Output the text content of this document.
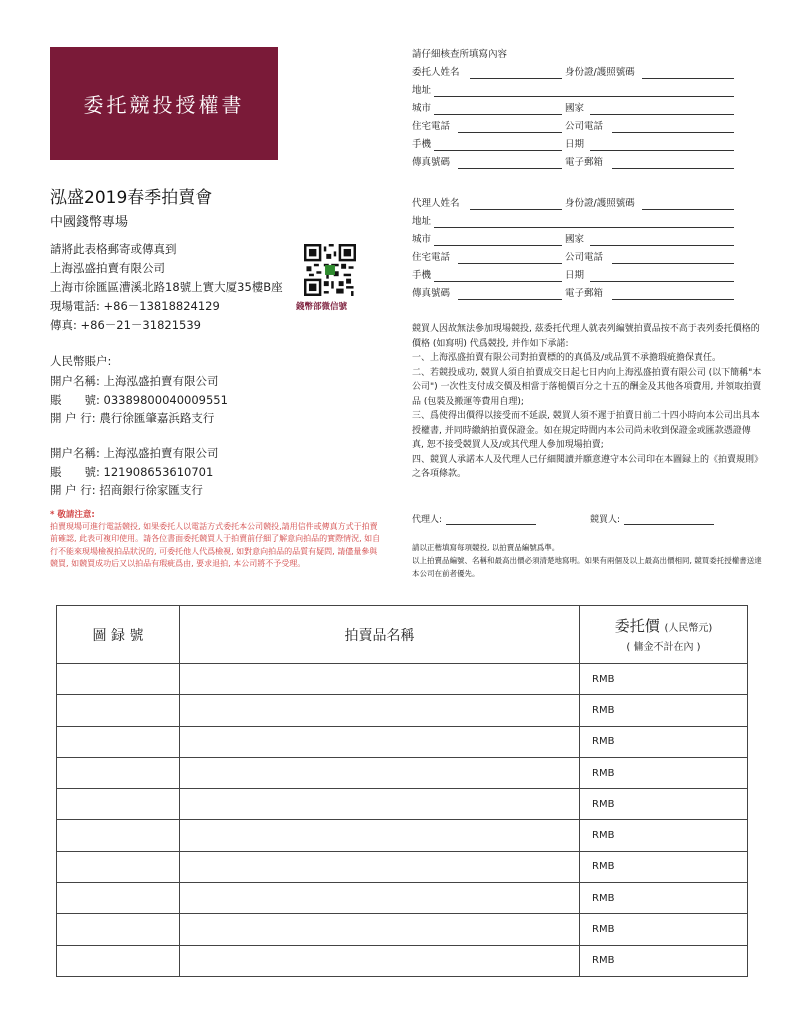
委托競投授權書
泓盛2019春季拍賣會
中國錢幣專場
請將此表格郵寄或傳真到
上海泓盛拍賣有限公司
上海市徐匯區漕溪北路18號上實大厦35樓B座
現場電話: +86－13818824129
傳真: +86－21－31821539
錢幣部微信號
人民幣賬户:
開户名稱: 上海泓盛拍賣有限公司
賬　　號: 03389800040009551
開 户 行: 農行徐匯肇嘉浜路支行
開户名稱: 上海泓盛拍賣有限公司
賬　　號: 121908653610701
開 户 行: 招商銀行徐家匯支行
* 敬請注意:
拍賣現場可進行電話競投, 如果委托人以電話方式委托本公司競投,請用信件或傳真方式于拍賣前確認, 此表可複印使用。請各位書面委托競買人于拍賣前仔細了解意向拍品的實際情況, 如自行不能來現場檢視拍品狀況的, 可委托他人代爲檢視, 如對意向拍品的品質有疑問, 請儘量參與競買, 如競買成功后又以拍品有瑕疵爲由, 要求退拍, 本公司將不予受理。
請仔細核查所填寫內容
委托人姓名	身份證/護照號碼
地址
城市	國家
住宅電話	公司電話
手機	日期
傳真號碼	電子郵箱
代理人姓名	身份證/護照號碼
地址
城市	國家
住宅電話	公司電話
手機	日期
傳真號碼	電子郵箱
競買人因故無法參加現場競投, 茲委托代理人就表列編號拍賣品按不高于表列委托價格的價格 (如寫明) 代爲競投, 并作如下承諾:
一、上海泓盛拍賣有限公司對拍賣標的的真僞及/或品質不承擔瑕疵擔保責任。
二、若競投成功, 競買人須自拍賣成交日起七日内向上海泓盛拍賣有限公司 (以下簡稱"本公司") 一次性支付成交價及相當于落槌價百分之十五的酬金及其他各項費用, 并領取拍賣品 (包裝及搬運等費用自理);
三、爲使得出價得以接受而不延誤, 競買人須不遲于拍賣日前二十四小時向本公司出具本授權書, 并同時繳納拍賣保證金。如在規定時間内本公司尚未收到保證金或匯款憑證傳真, 恕不接受競買人及/或其代理人參加現場拍賣;
四、競買人承諾本人及代理人已仔細閱讀并願意遵守本公司印在本圖録上的《拍賣規則》之各項條款。
代理人:	競買人:
請以正楷填寫每項競投, 以拍賣品編號爲準。
以上拍賣品編號、名稱和最高出價必須清楚地寫明。如果有兩個及以上最高出價相同, 競買委托授權書送達本公司在前者優先。
圖 録 號	拍賣品名稱	委托價 (人民幣元)
( 傭金不計在內 )
		RMB
		RMB
		RMB
		RMB
		RMB
		RMB
		RMB
		RMB
		RMB
		RMB
